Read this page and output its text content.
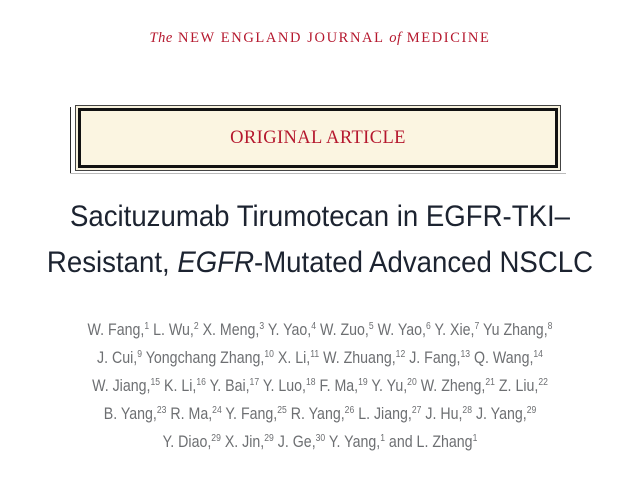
The NEW ENGLAND JOURNAL of MEDICINE
ORIGINAL ARTICLE
Sacituzumab Tirumotecan in EGFR-TKI–
Resistant, EGFR-Mutated Advanced NSCLC
W. Fang,$^1$ L. Wu,$^2$ X. Meng,$^3$ Y. Yao,$^4$ W. Zuo,$^5$ W. Yao,$^6$ Y. Xie,$^7$ Yu Zhang,$^8$
J. Cui,$^9$ Yongchang Zhang,$^{10}$ X. Li,$^{11}$ W. Zhuang,$^{12}$ J. Fang,$^{13}$ Q. Wang,$^{14}$
W. Jiang,$^{15}$ K. Li,$^{16}$ Y. Bai,$^{17}$ Y. Luo,$^{18}$ F. Ma,$^{19}$ Y. Yu,$^{20}$ W. Zheng,$^{21}$ Z. Liu,$^{22}$
B. Yang,$^{23}$ R. Ma,$^{24}$ Y. Fang,$^{25}$ R. Yang,$^{26}$ L. Jiang,$^{27}$ J. Hu,$^{28}$ J. Yang,$^{29}$
Y. Diao,$^{29}$ X. Jin,$^{29}$ J. Ge,$^{30}$ Y. Yang,$^1$ and L. Zhang$^1$
